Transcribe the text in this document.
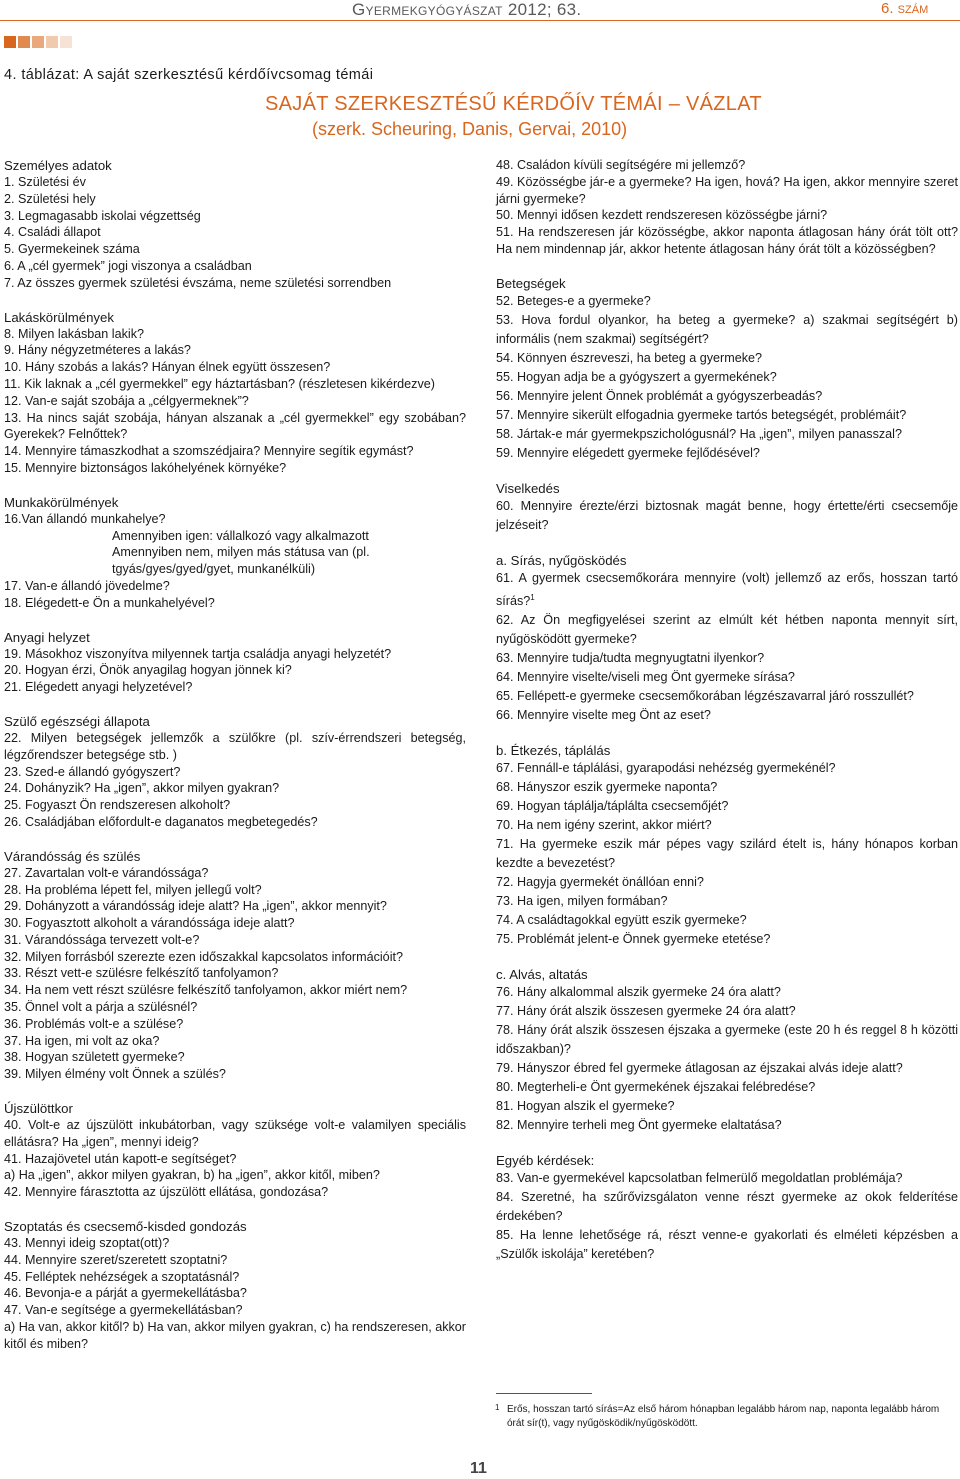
Gyermekgyógyászat 2012; 63.	6. szám
4. táblázat: A saját szerkesztésű kérdőívcsomag témái
SAJÁT SZERKESZTÉSŰ KÉRDŐÍV TÉMÁI – VÁZLAT
(szerk. Scheuring, Danis, Gervai, 2010)
Személyes adatok

1. Születési év

2. Születési hely

3. Legmagasabb iskolai végzettség

4. Családi állapot

5. Gyermekeinek száma

6. A „cél gyermek” jogi viszonya a családban

7. Az összes gyermek születési évszáma, neme születési sorrendben

Lakáskörülmények

8. Milyen lakásban lakik?

9. Hány négyzetméteres a lakás?

10. Hány szobás a lakás? Hányan élnek együtt összesen?

11. Kik laknak a „cél gyermekkel” egy háztartásban? (részletesen kikérdezve)

12. Van-e saját szobája a „célgyermeknek”?

13. Ha nincs saját szobája, hányan alszanak a „cél gyermekkel” egy szobában? Gyerekek? Felnőttek?

14. Mennyire támaszkodhat a szomszédjaira? Mennyire segítik egymást?

15. Mennyire biztonságos lakóhelyének környéke?

Munkakörülmények

16.Van állandó munkahelye?

Amennyiben igen: vállalkozó vagy alkalmazott

Amennyiben nem, milyen más státusa van (pl. tgyás/gyes/gyed/gyet, munkanélküli)

17. Van-e állandó jövedelme?

18. Elégedett-e Ön a munkahelyével?

Anyagi helyzet

19. Másokhoz viszonyítva milyennek tartja családja anyagi helyzetét?

20. Hogyan érzi, Önök anyagilag hogyan jönnek ki?

21. Elégedett anyagi helyzetével?

Szülő egészségi állapota

22. Milyen betegségek jellemzők a szülőkre (pl. szív-érrendszeri betegség, légzőrendszer betegsége stb. )

23. Szed-e állandó gyógyszert?

24. Dohányzik? Ha „igen”, akkor milyen gyakran?

25. Fogyaszt Ön rendszeresen alkoholt?

26. Családjában előfordult-e daganatos megbetegedés?

Várandósság és szülés

27. Zavartalan volt-e várandóssága?

28. Ha probléma lépett fel, milyen jellegű volt?

29. Dohányzott a várandósság ideje alatt? Ha „igen”, akkor mennyit?

30. Fogyasztott alkoholt a várandóssága ideje alatt?

31. Várandóssága tervezett volt-e?

32. Milyen forrásból szerezte ezen időszakkal kapcsolatos információit?

33. Részt vett-e szülésre felkészítő tanfolyamon?

34. Ha nem vett részt szülésre felkészítő tanfolyamon, akkor miért nem?

35. Önnel volt a párja a szülésnél?

36. Problémás volt-e a szülése?

37. Ha igen, mi volt az oka?

38. Hogyan született gyermeke?

39. Milyen élmény volt Önnek a szülés?

Újszülöttkor

40. Volt-e az újszülött inkubátorban, vagy szüksége volt-e valamilyen speciális ellátásra? Ha „igen”, mennyi ideig?

41. Hazajövetel után kapott-e segítséget?

a) Ha „igen”, akkor milyen gyakran, b) ha „igen”, akkor kitől, miben?

42. Mennyire fárasztotta az újszülött ellátása, gondozása?

Szoptatás és csecsemő-kisded gondozás

43. Mennyi ideig szoptat(ott)?

44. Mennyire szeret/szeretett szoptatni?

45. Felléptek nehézségek a szoptatásnál?

46. Bevonja-e a párját a gyermekellátásba?

47. Van-e segítsége a gyermekellátásban?

a) Ha van, akkor kitől? b) Ha van, akkor milyen gyakran, c) ha rendszeresen, akkor kitől és miben?

48. Családon kívüli segítségére mi jellemző?

49. Közösségbe jár-e a gyermeke? Ha igen, hová? Ha igen, akkor mennyire szeret járni gyermeke?

50. Mennyi idősen kezdett rendszeresen közösségbe járni?

51. Ha rendszeresen jár közösségbe, akkor naponta átlagosan hány órát tölt ott? Ha nem mindennap jár, akkor hetente átlagosan hány órát tölt a közösségben?

Betegségek

52. Beteges-e a gyermeke?

53. Hova fordul olyankor, ha beteg a gyermeke? a) szakmai segítségért b) informális (nem szakmai) segítségért?

54. Könnyen észreveszi, ha beteg a gyermeke?

55. Hogyan adja be a gyógyszert a gyermekének?

56. Mennyire jelent Önnek problémát a gyógyszerbeadás?

57. Mennyire sikerült elfogadnia gyermeke tartós betegségét, problémáit?

58. Jártak-e már gyermekpszichológusnál? Ha „igen”, milyen panasszal?

59. Mennyire elégedett gyermeke fejlődésével?

Viselkedés

60. Mennyire érezte/érzi biztosnak magát benne, hogy értette/érti csecsemője jelzéseit?

a. Sírás, nyűgösködés

61. A gyermek csecsemőkorára mennyire (volt) jellemző az erős, hosszan tartó sírás?$^1$

62. Az Ön megfigyelései szerint az elmúlt két hétben naponta mennyit sírt, nyűgösködött gyermeke?

63. Mennyire tudja/tudta megnyugtatni ilyenkor?

64. Mennyire viselte/viseli meg Önt gyermeke sírása?

65. Fellépett-e gyermeke csecsemőkorában légzészavarral járó rosszullét?

66. Mennyire viselte meg Önt az eset?

b. Étkezés, táplálás

67. Fennáll-e táplálási, gyarapodási nehézség gyermekénél?

68. Hányszor eszik gyermeke naponta?

69. Hogyan táplálja/táplálta csecsemőjét?

70. Ha nem igény szerint, akkor miért?

71. Ha gyermeke eszik már pépes vagy szilárd ételt is, hány hónapos korban kezdte a bevezetést?

72. Hagyja gyermekét önállóan enni?

73. Ha igen, milyen formában?

74. A családtagokkal együtt eszik gyermeke?

75. Problémát jelent-e Önnek gyermeke etetése?

c. Alvás, altatás

76. Hány alkalommal alszik gyermeke 24 óra alatt?

77. Hány órát alszik összesen gyermeke 24 óra alatt?

78. Hány órát alszik összesen éjszaka a gyermeke (este 20 h és reggel 8 h közötti időszakban)?

79. Hányszor ébred fel gyermeke átlagosan az éjszakai alvás ideje alatt?

80. Megterheli-e Önt gyermekének éjszakai felébredése?

81. Hogyan alszik el gyermeke?

82. Mennyire terheli meg Önt gyermeke elaltatása?

Egyéb kérdések:

83. Van-e gyermekével kapcsolatban felmerülő megoldatlan problémája?

84. Szeretné, ha szűrővizsgálaton venne részt gyermeke az okok felderítése érdekében?

85. Ha lenne lehetősége rá, részt venne-e gyakorlati és elméleti képzésben a „Szülők iskolája” keretében?

1 Erős, hosszan tartó sírás=Az első három hónapban legalább három nap, naponta legalább három órát sír(t), vagy nyűgösködik/nyűgösködött.
11
